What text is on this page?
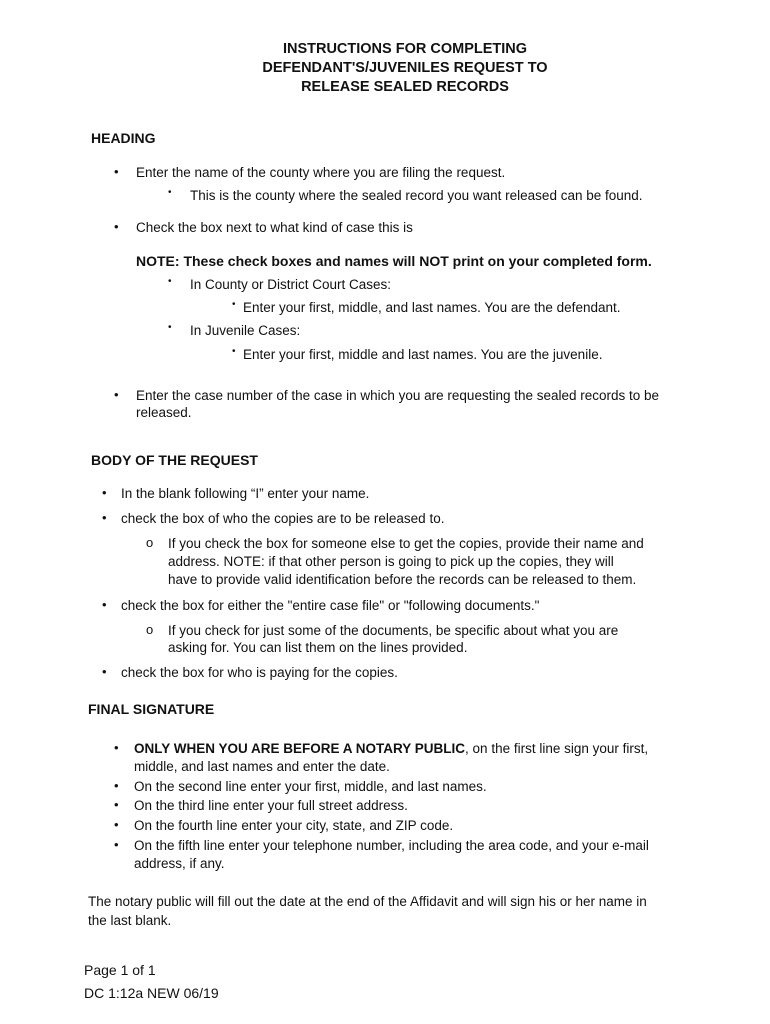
INSTRUCTIONS FOR COMPLETING
DEFENDANT'S/JUVENILES REQUEST TO
RELEASE SEALED RECORDS
HEADING
• Enter the name of the county where you are filing the request.
• This is the county where the sealed record you want released can be found.
• Check the box next to what kind of case this is
NOTE: These check boxes and names will NOT print on your completed form.
• In County or District Court Cases:
• Enter your first, middle, and last names. You are the defendant.
• In Juvenile Cases:
• Enter your first, middle and last names. You are the juvenile.
• Enter the case number of the case in which you are requesting the sealed records to be
released.
BODY OF THE REQUEST
• In the blank following “I” enter your name.
• check the box of who the copies are to be released to.
o If you check the box for someone else to get the copies, provide their name and
address. NOTE: if that other person is going to pick up the copies, they will
have to provide valid identification before the records can be released to them.
• check the box for either the "entire case file" or "following documents."
o If you check for just some of the documents, be specific about what you are
asking for. You can list them on the lines provided.
• check the box for who is paying for the copies.
FINAL SIGNATURE
• ONLY WHEN YOU ARE BEFORE A NOTARY PUBLIC, on the first line sign your first,
middle, and last names and enter the date.
• On the second line enter your first, middle, and last names.
• On the third line enter your full street address.
• On the fourth line enter your city, state, and ZIP code.
• On the fifth line enter your telephone number, including the area code, and your e-mail
address, if any.
The notary public will fill out the date at the end of the Affidavit and will sign his or her name in
the last blank.
Page 1 of 1
DC 1:12a NEW 06/19
